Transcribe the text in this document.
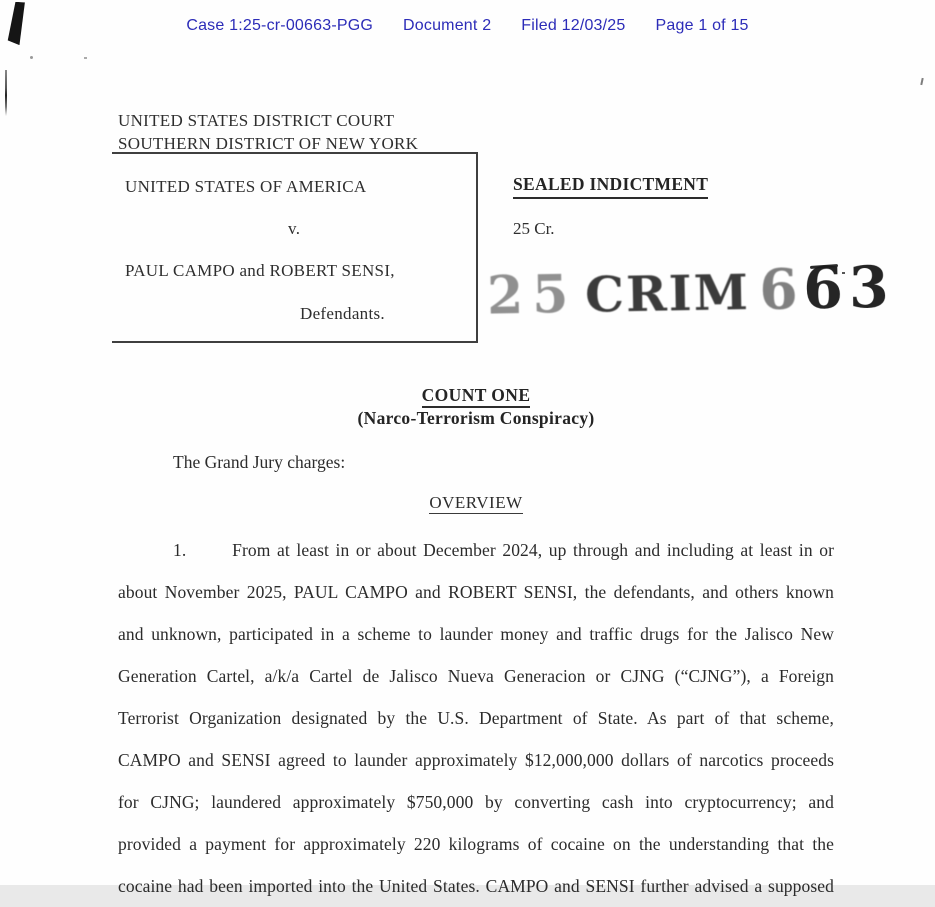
Case 1:25-cr-00663-PGG Document 2 Filed 12/03/25 Page 1 of 15
UNITED STATES DISTRICT COURT
SOUTHERN DISTRICT OF NEW YORK
UNITED STATES OF AMERICA
v.
PAUL CAMPO and ROBERT SENSI,
Defendants.
SEALED INDICTMENT
25 Cr.
25 CRIM 6 63
COUNT ONE
(Narco-Terrorism Conspiracy)
The Grand Jury charges:
OVERVIEW
1.       From at least in or about December 2024, up through and including at least in or
about November 2025, PAUL CAMPO and ROBERT SENSI, the defendants, and others known
and unknown, participated in a scheme to launder money and traffic drugs for the Jalisco New
Generation Cartel, a/k/a Cartel de Jalisco Nueva Generacion or CJNG (“CJNG”), a Foreign
Terrorist Organization designated by the U.S. Department of State. As part of that scheme,
CAMPO and SENSI agreed to launder approximately $12,000,000 dollars of narcotics proceeds
for CJNG; laundered approximately $750,000 by converting cash into cryptocurrency; and
provided a payment for approximately 220 kilograms of cocaine on the understanding that the
cocaine had been imported into the United States. CAMPO and SENSI further advised a supposed
